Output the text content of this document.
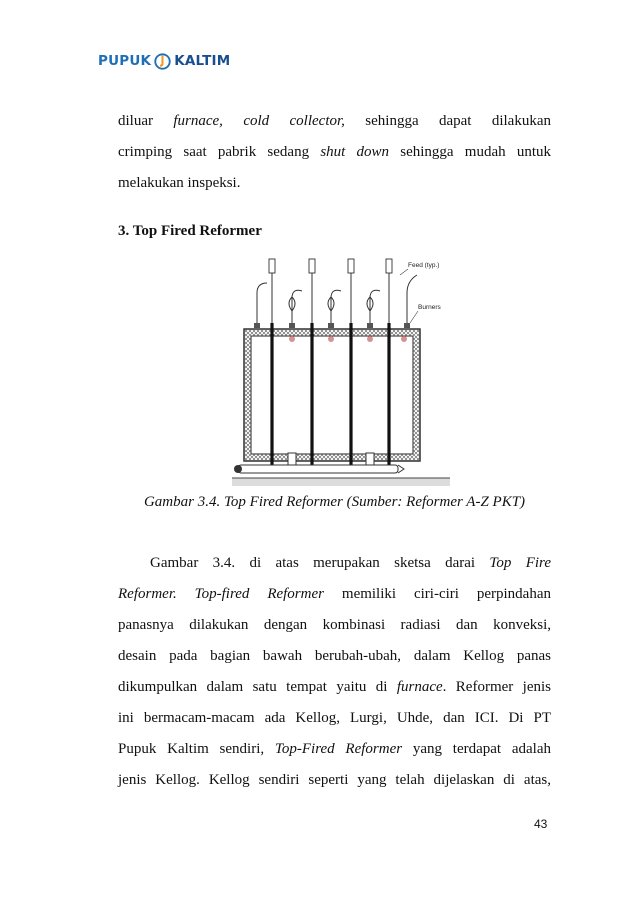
PUPUK KALTIM
diluar furnace, cold collector, sehingga dapat dilakukan
crimping saat pabrik sedang shut down sehingga mudah untuk
melakukan inspeksi.
3. Top Fired Reformer
Feed (typ.)
Burners
Gambar 3.4. Top Fired Reformer (Sumber: Reformer A-Z PKT)
Gambar 3.4. di atas merupakan sketsa darai Top Fire
Reformer. Top-fired Reformer memiliki ciri-ciri perpindahan
panasnya dilakukan dengan kombinasi radiasi dan konveksi,
desain pada bagian bawah berubah-ubah, dalam Kellog panas
dikumpulkan dalam satu tempat yaitu di furnace. Reformer jenis
ini bermacam-macam ada Kellog, Lurgi, Uhde, dan ICI. Di PT
Pupuk Kaltim sendiri, Top-Fired Reformer yang terdapat adalah
jenis Kellog. Kellog sendiri seperti yang telah dijelaskan di atas,
43
